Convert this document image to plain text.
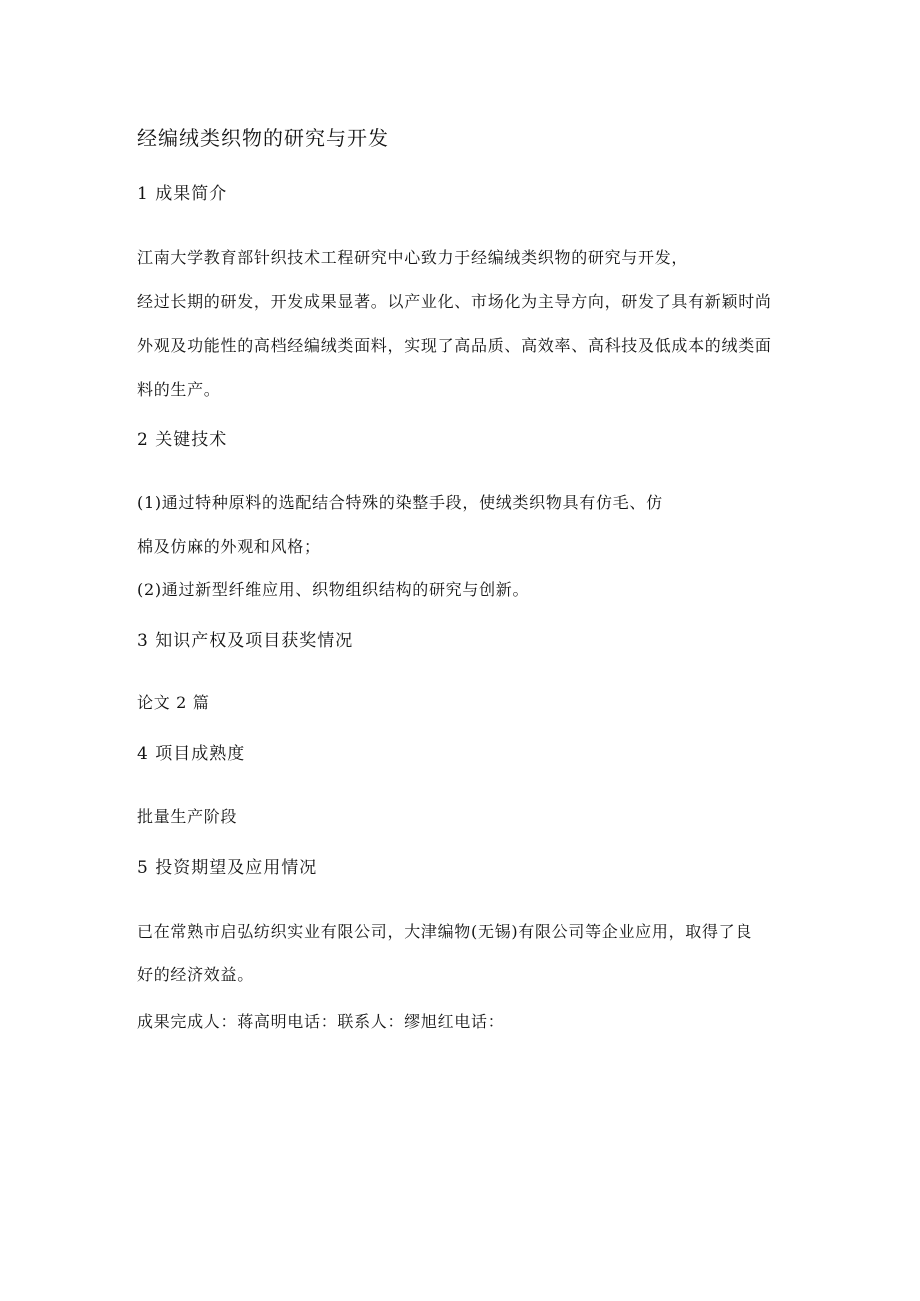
经编绒类织物的研究与开发
1 成果简介
江南大学教育部针织技术工程研究中心致力于经编绒类织物的研究与开发，
经过长期的研发，开发成果显著。以产业化、市场化为主导方向，研发了具有新颖时尚
外观及功能性的高档经编绒类面料，实现了高品质、高效率、高科技及低成本的绒类面
料的生产。
2 关键技术
(1)通过特种原料的选配结合特殊的染整手段，使绒类织物具有仿毛、仿
棉及仿麻的外观和风格；
(2)通过新型纤维应用、织物组织结构的研究与创新。
3 知识产权及项目获奖情况
论文 2 篇
4 项目成熟度
批量生产阶段
5 投资期望及应用情况
已在常熟市启弘纺织实业有限公司，大津编物(无锡)有限公司等企业应用，取得了良
好的经济效益。
成果完成人：蒋高明电话：联系人：缪旭红电话：
